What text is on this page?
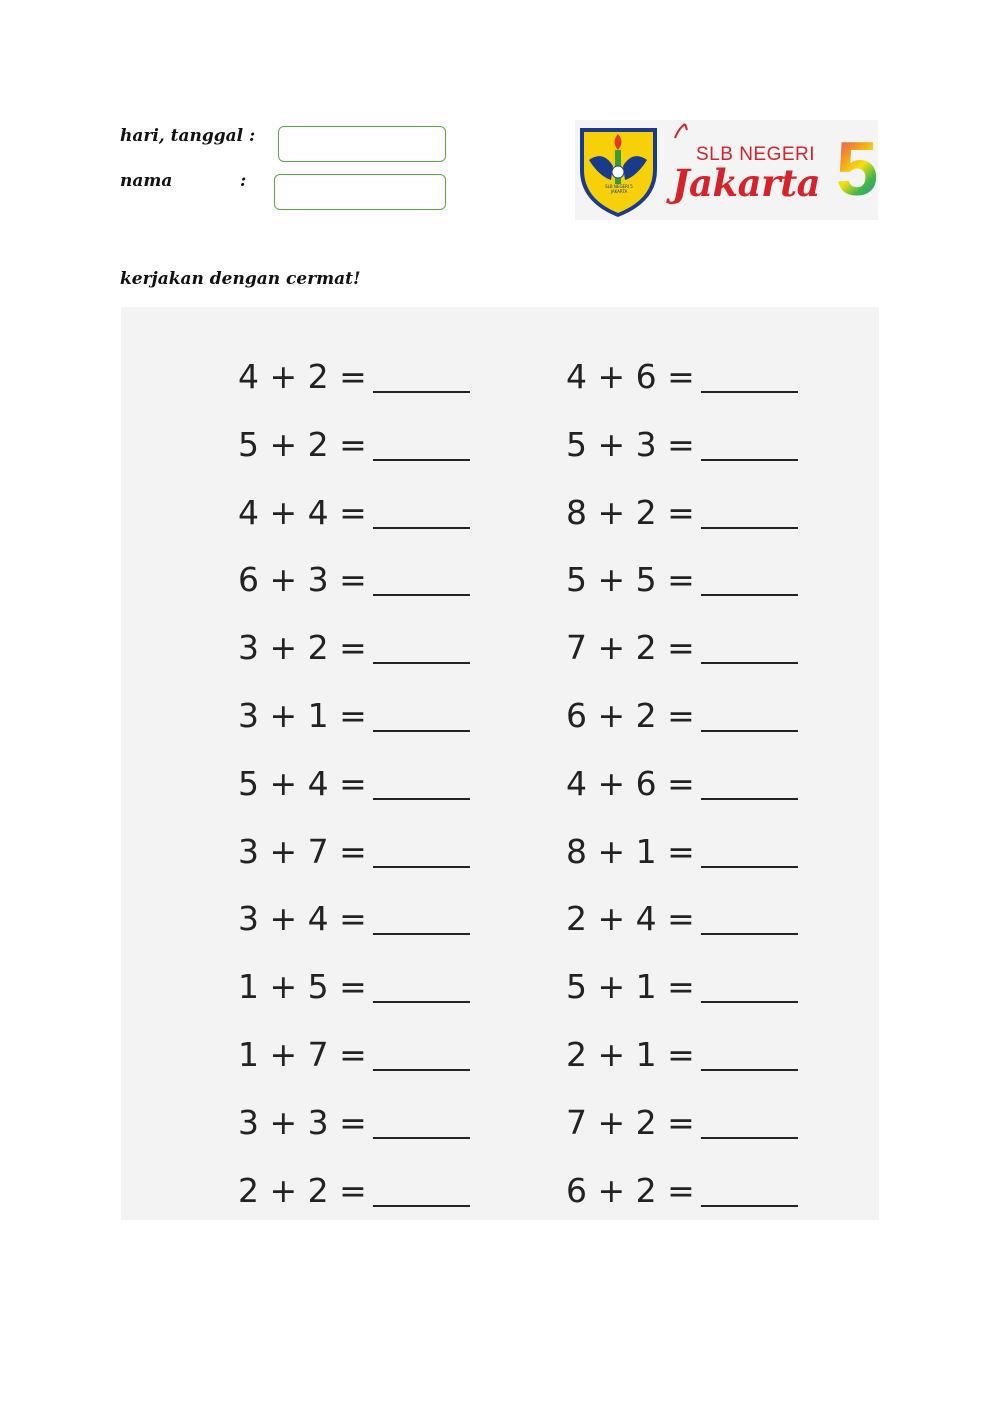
hari, tanggal :
nama	:	SLB NEGERI 5 JAKARTA
SLB NEGERI
Jakarta 5
kerjakan dengan cermat!
4 + 2 =
5 + 2 =
4 + 4 =
6 + 3 =
3 + 2 =
3 + 1 =
5 + 4 =
3 + 7 =
3 + 4 =
1 + 5 =
1 + 7 =
3 + 3 =
2 + 2 =
4 + 6 =
5 + 3 =
8 + 2 =
5 + 5 =
7 + 2 =
6 + 2 =
4 + 6 =
8 + 1 =
2 + 4 =
5 + 1 =
2 + 1 =
7 + 2 =
6 + 2 =
